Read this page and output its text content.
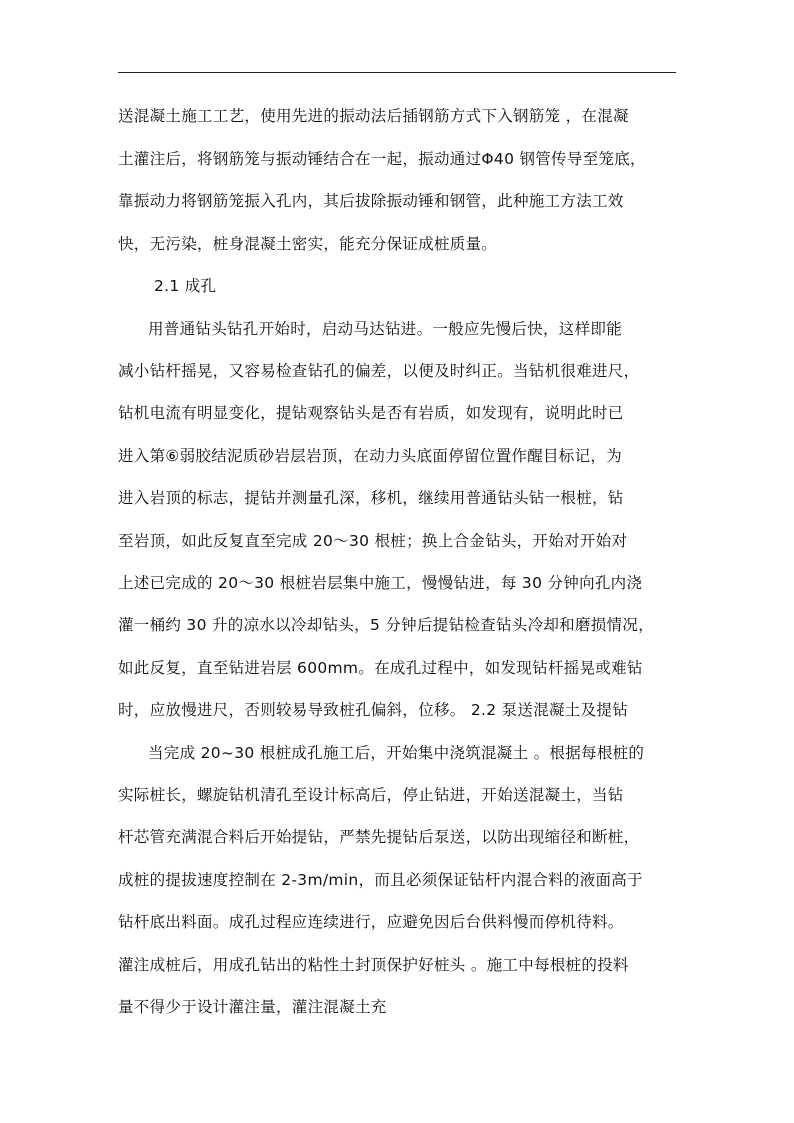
送混凝土施工工艺，使用先进的振动法后插钢筋方式下入钢筋笼 ，在混凝
土灌注后，将钢筋笼与振动锤结合在一起，振动通过Φ40 钢管传导至笼底，
靠振动力将钢筋笼振入孔内，其后拔除振动锤和钢管，此种施工方法工效
快，无污染，桩身混凝土密实，能充分保证成桩质量。
2.1 成孔
用普通钻头钻孔开始时，启动马达钻进。一般应先慢后快，这样即能
减小钻杆摇晃，又容易检查钻孔的偏差，以便及时纠正。当钻机很难进尺，
钻机电流有明显变化，提钻观察钻头是否有岩质，如发现有，说明此时已
进入第⑥弱胶结泥质砂岩层岩顶，在动力头底面停留位置作醒目标记，为
进入岩顶的标志，提钻并测量孔深，移机，继续用普通钻头钻一根桩，钻
至岩顶，如此反复直至完成 20～30 根桩；换上合金钻头，开始对开始对
上述已完成的 20～30 根桩岩层集中施工，慢慢钻进，每 30 分钟向孔内浇
灌一桶约 30 升的凉水以冷却钻头，5 分钟后提钻检查钻头冷却和磨损情况，
如此反复，直至钻进岩层 600mm。在成孔过程中，如发现钻杆摇晃或难钻
时，应放慢进尺，否则较易导致桩孔偏斜，位移。 2.2 泵送混凝土及提钻
当完成 20~30 根桩成孔施工后，开始集中浇筑混凝土 。根据每根桩的
实际桩长，螺旋钻机清孔至设计标高后，停止钻进，开始送混凝土，当钻
杆芯管充满混合料后开始提钻，严禁先提钻后泵送，以防出现缩径和断桩，
成桩的提拔速度控制在 2-3m/min，而且必须保证钻杆内混合料的液面高于
钻杆底出料面。成孔过程应连续进行，应避免因后台供料慢而停机待料。
灌注成桩后，用成孔钻出的粘性土封顶保护好桩头 。施工中每根桩的投料
量不得少于设计灌注量，灌注混凝土充
